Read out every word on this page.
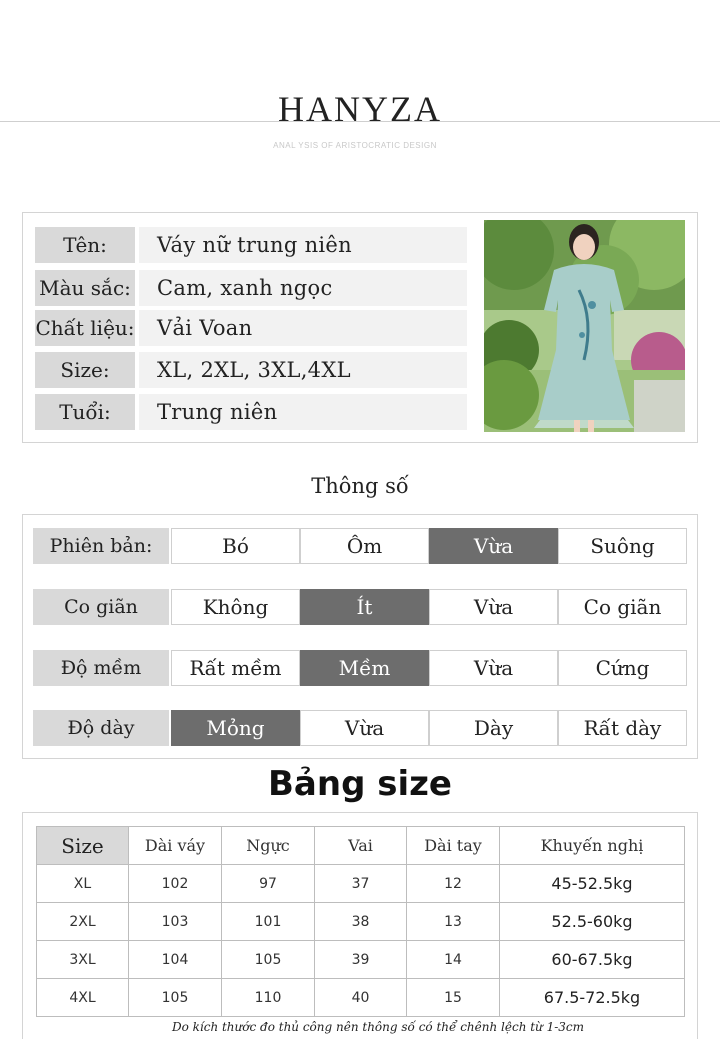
HANYZA
ANAL YSIS OF ARISTOCRATIC DESIGN
Tên:	Váy nữ trung niên
Màu sắc:	Cam, xanh ngọc
Chất liệu:	Vải Voan
Size:	XL, 2XL, 3XL,4XL
Tuổi:	Trung niên
Thông số
Phiên bản:	Bó	Ôm	Vừa	Suông
Co giãn	Không	Ít	Vừa	Co giãn
Độ mềm	Rất mềm	Mềm	Vừa	Cứng
Độ dày	Mỏng	Vừa	Dày	Rất dày
Bảng size
Size	Dài váy	Ngực	Vai	Dài tay	Khuyến nghị
XL	102	97	37	12	45-52.5kg
2XL	103	101	38	13	52.5-60kg
3XL	104	105	39	14	60-67.5kg
4XL	105	110	40	15	67.5-72.5kg
Do kích thước đo thủ công nên thông số có thể chênh lệch từ 1-3cm
